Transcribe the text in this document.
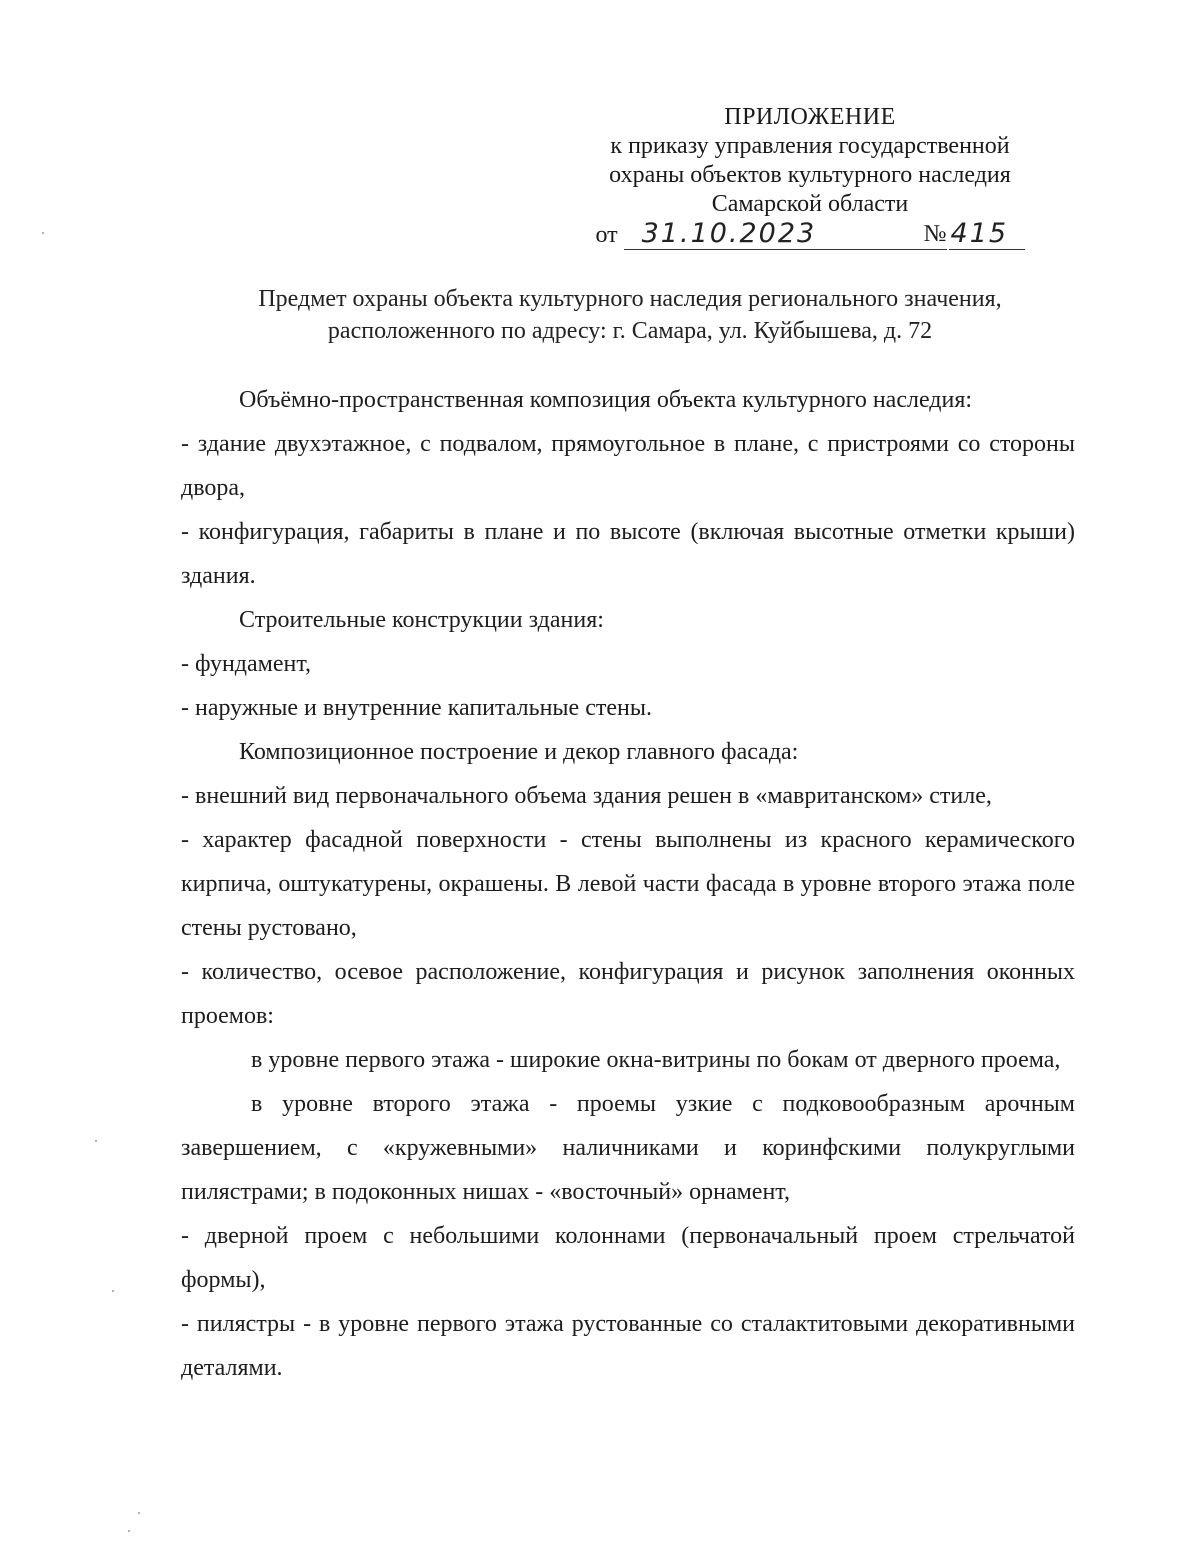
ПРИЛОЖЕНИЕ
к приказу управления государственной
охраны объектов культурного наследия
Самарской области
от 31.10.2023	№ 415
Предмет охраны объекта культурного наследия регионального значения,
расположенного по адресу: г. Самара, ул. Куйбышева, д. 72

Объёмно-пространственная композиция объекта культурного наследия:

- здание двухэтажное, с подвалом, прямоугольное в плане, с пристроями со стороны двора,

- конфигурация, габариты в плане и по высоте (включая высотные отметки крыши) здания.

Строительные конструкции здания:

- фундамент,

- наружные и внутренние капитальные стены.

Композиционное построение и декор главного фасада:

- внешний вид первоначального объема здания решен в «мавританском» стиле,

- характер фасадной поверхности - стены выполнены из красного керамического кирпича, оштукатурены, окрашены. В левой части фасада в уровне второго этажа поле стены рустовано,

- количество, осевое расположение, конфигурация и рисунок заполнения оконных проемов:

в уровне первого этажа - широкие окна-витрины по бокам от дверного проема,

в уровне второго этажа - проемы узкие с подковообразным арочным завершением, с «кружевными» наличниками и коринфскими полукруглыми пилястрами; в подоконных нишах - «восточный» орнамент,

- дверной проем с небольшими колоннами (первоначальный проем стрельчатой формы),

- пилястры - в уровне первого этажа рустованные со сталактитовыми декоративными деталями.
